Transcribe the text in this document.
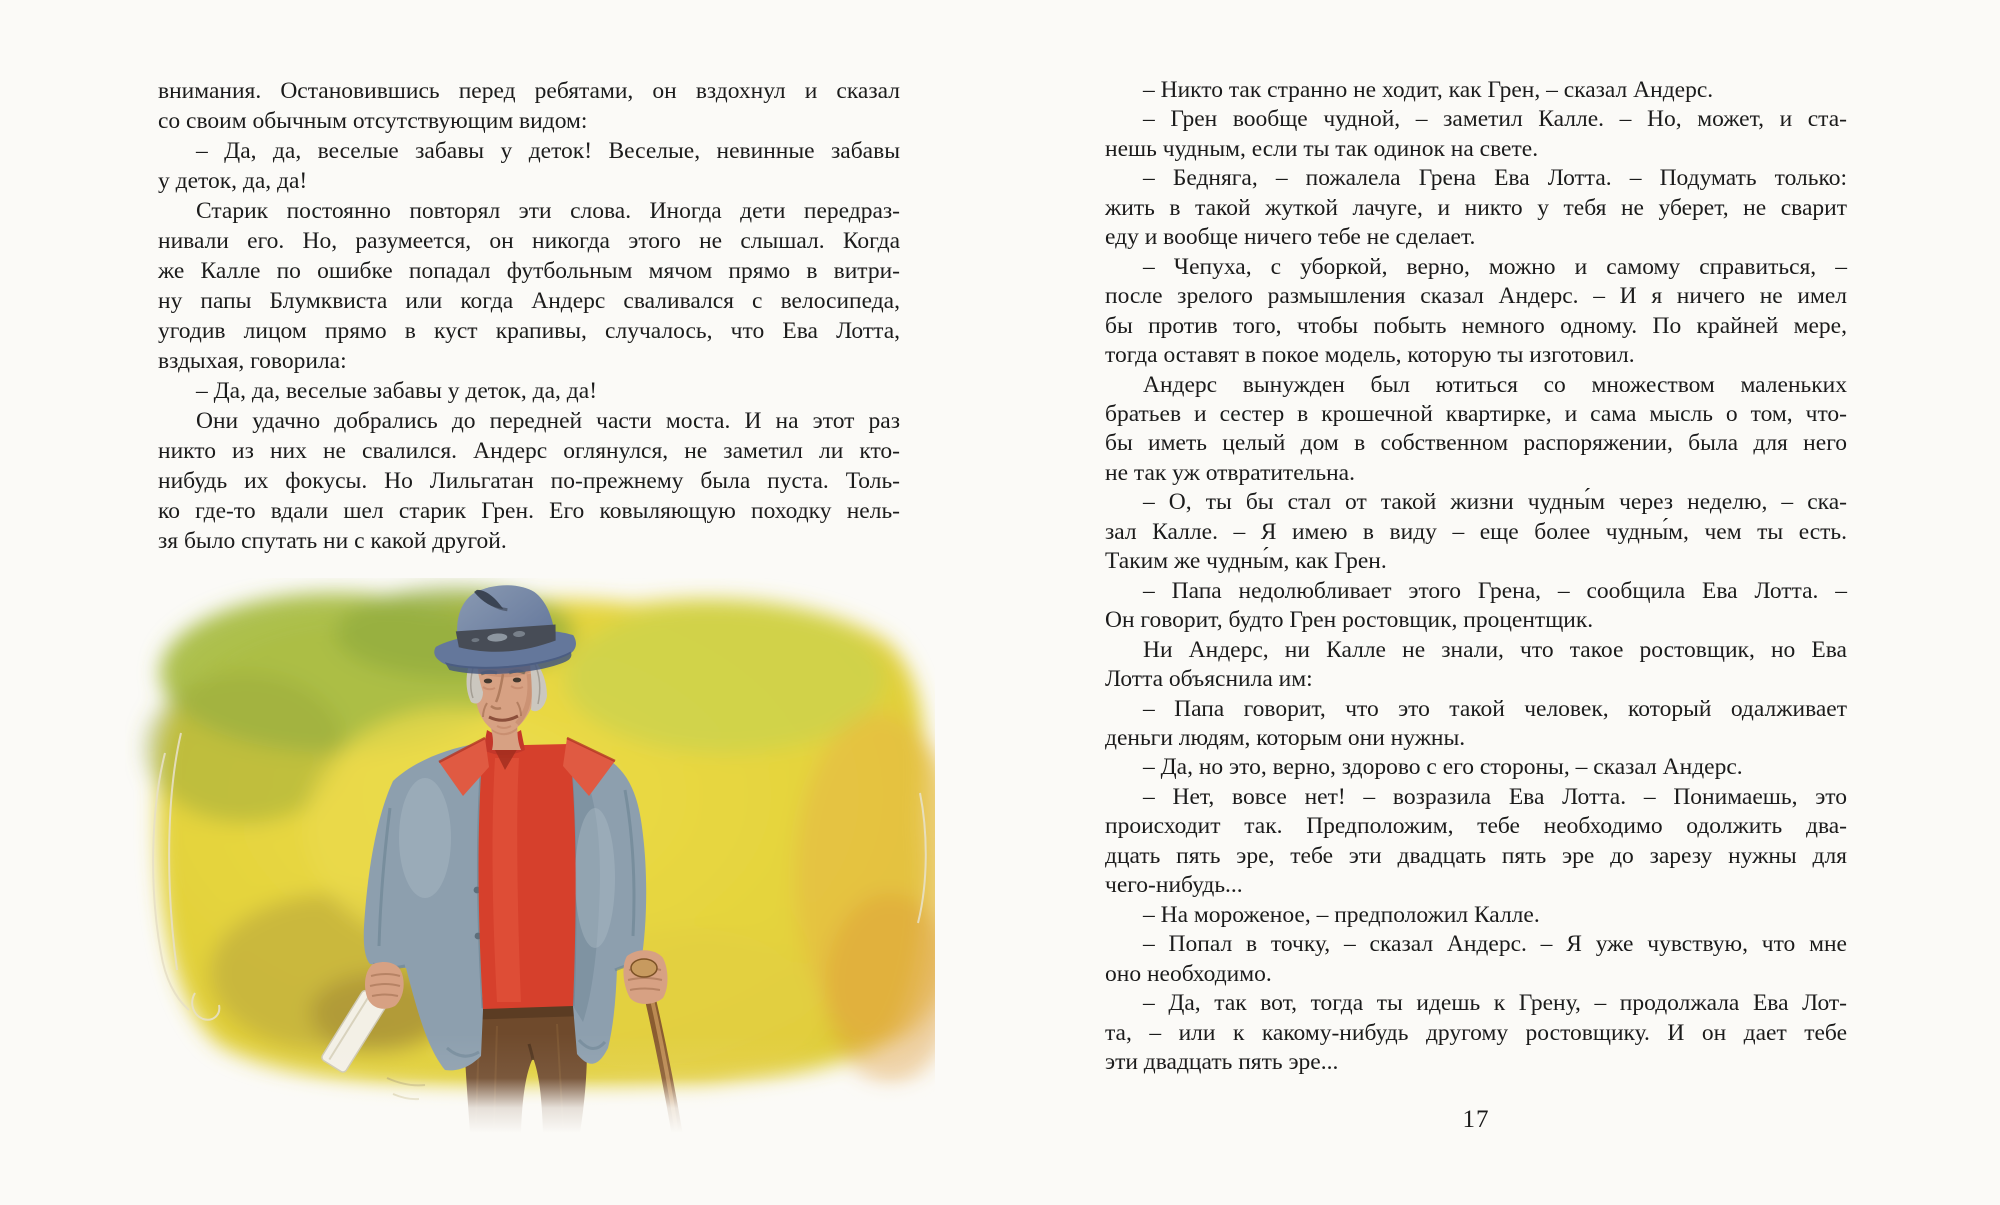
внимания. Остановившись перед ребятами, он вздохнул и сказал
со своим обычным отсутствующим видом:
– Да, да, веселые забавы у деток! Веселые, невинные забавы
у деток, да, да!
Старик постоянно повторял эти слова. Иногда дети передраз-
нивали его. Но, разумеется, он никогда этого не слышал. Когда
же Калле по ошибке попадал футбольным мячом прямо в витри-
ну папы Блумквиста или когда Андерс сваливался с велосипеда,
угодив лицом прямо в куст крапивы, случалось, что Ева Лотта,
вздыхая, говорила:
– Да, да, веселые забавы у деток, да, да!
Они удачно добрались до передней части моста. И на этот раз
никто из них не свалился. Андерс оглянулся, не заметил ли кто-
нибудь их фокусы. Но Лильгатан по-прежнему была пуста. Толь-
ко где-то вдали шел старик Грен. Его ковыляющую походку нель-
зя было спутать ни с какой другой.
– Никто так странно не ходит, как Грен, – сказал Андерс.
– Грен вообще чудной, – заметил Калле. – Но, может, и ста-
нешь чудным, если ты так одинок на свете.
– Бедняга, – пожалела Грена Ева Лотта. – Подумать только:
жить в такой жуткой лачуге, и никто у тебя не уберет, не сварит
еду и вообще ничего тебе не сделает.
– Чепуха, с уборкой, верно, можно и самому справиться, –
после зрелого размышления сказал Андерс. – И я ничего не имел
бы против того, чтобы побыть немного одному. По крайней мере,
тогда оставят в покое модель, которую ты изготовил.
Андерс вынужден был ютиться со множеством маленьких
братьев и сестер в крошечной квартирке, и сама мысль о том, что-
бы иметь целый дом в собственном распоряжении, была для него
не так уж отвратительна.
– О, ты бы стал от такой жизни чудны́м через неделю, – ска-
зал Калле. – Я имею в виду – еще более чудны́м, чем ты есть.
Таким же чудны́м, как Грен.
– Папа недолюбливает этого Грена, – сообщила Ева Лотта. –
Он говорит, будто Грен ростовщик, процентщик.
Ни Андерс, ни Калле не знали, что такое ростовщик, но Ева
Лотта объяснила им:
– Папа говорит, что это такой человек, который одалживает
деньги людям, которым они нужны.
– Да, но это, верно, здорово с его стороны, – сказал Андерс.
– Нет, вовсе нет! – возразила Ева Лотта. – Понимаешь, это
происходит так. Предположим, тебе необходимо одолжить два-
дцать пять эре, тебе эти двадцать пять эре до зарезу нужны для
чего-нибудь...
– На мороженое, – предположил Калле.
– Попал в точку, – сказал Андерс. – Я уже чувствую, что мне
оно необходимо.
– Да, так вот, тогда ты идешь к Грену, – продолжала Ева Лот-
та, – или к какому-нибудь другому ростовщику. И он дает тебе
эти двадцать пять эре...
17
